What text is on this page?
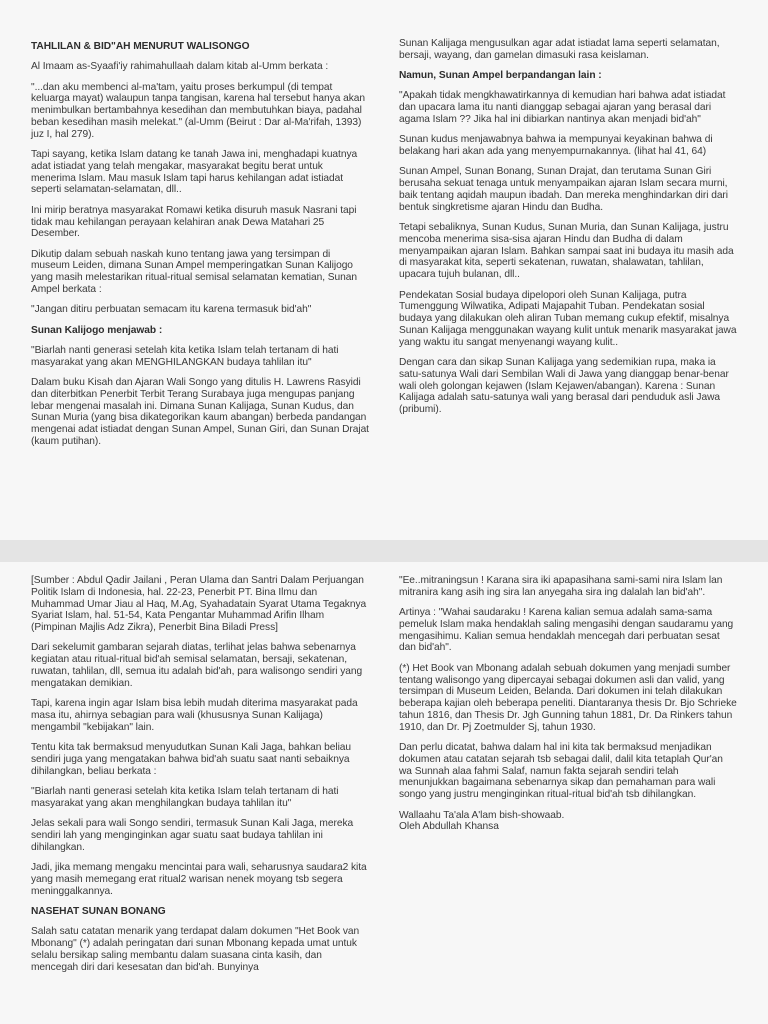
TAHLILAN & BID"AH MENURUT WALISONGO

Al Imaam as-Syaafi'iy rahimahullaah dalam kitab al-Umm berkata :

"...dan aku membenci al-ma'tam, yaitu proses berkumpul (di tempat keluarga mayat) walaupun tanpa tangisan, karena hal tersebut hanya akan menimbulkan bertambahnya kesedihan dan membutuhkan biaya, padahal beban kesedihan masih melekat." (al-Umm (Beirut : Dar al-Ma'rifah, 1393) juz I, hal 279).

Tapi sayang, ketika Islam datang ke tanah Jawa ini, menghadapi kuatnya adat istiadat yang telah mengakar, masyarakat begitu berat untuk menerima Islam. Mau masuk Islam tapi harus kehilangan adat istiadat seperti selamatan-selamatan, dll..

Ini mirip beratnya masyarakat Romawi ketika disuruh masuk Nasrani tapi tidak mau kehilangan perayaan kelahiran anak Dewa Matahari 25 Desember.

Dikutip dalam sebuah naskah kuno tentang jawa yang tersimpan di museum Leiden, dimana Sunan Ampel memperingatkan Sunan Kalijogo yang masih melestarikan ritual-ritual semisal selamatan kematian, Sunan Ampel berkata :

"Jangan ditiru perbuatan semacam itu karena termasuk bid'ah"

Sunan Kalijogo menjawab :

"Biarlah nanti generasi setelah kita ketika Islam telah tertanam di hati masyarakat yang akan MENGHILANGKAN budaya tahlilan itu"

Dalam buku Kisah dan Ajaran Wali Songo yang ditulis H. Lawrens Rasyidi dan diterbitkan Penerbit Terbit Terang Surabaya juga mengupas panjang lebar mengenai masalah ini. Dimana Sunan Kalijaga, Sunan Kudus, dan Sunan Muria (yang bisa dikategorikan kaum abangan) berbeda pandangan mengenai adat istiadat dengan Sunan Ampel, Sunan Giri, dan Sunan Drajat (kaum putihan).

Sunan Kalijaga mengusulkan agar adat istiadat lama seperti selamatan, bersaji, wayang, dan gamelan dimasuki rasa keislaman.

Namun, Sunan Ampel berpandangan lain :

"Apakah tidak mengkhawatirkannya di kemudian hari bahwa adat istiadat dan upacara lama itu nanti dianggap sebagai ajaran yang berasal dari agama Islam ?? Jika hal ini dibiarkan nantinya akan menjadi bid'ah"

Sunan kudus menjawabnya bahwa ia mempunyai keyakinan bahwa di belakang hari akan ada yang menyempurnakannya. (lihat hal 41, 64)

Sunan Ampel, Sunan Bonang, Sunan Drajat, dan terutama Sunan Giri berusaha sekuat tenaga untuk menyampaikan ajaran Islam secara murni, baik tentang aqidah maupun ibadah. Dan mereka menghindarkan diri dari bentuk singkretisme ajaran Hindu dan Budha.

Tetapi sebaliknya, Sunan Kudus, Sunan Muria, dan Sunan Kalijaga, justru mencoba menerima sisa-sisa ajaran Hindu dan Budha di dalam menyampaikan ajaran Islam. Bahkan sampai saat ini budaya itu masih ada di masyarakat kita, seperti sekatenan, ruwatan, shalawatan, tahlilan, upacara tujuh bulanan, dll..

Pendekatan Sosial budaya dipelopori oleh Sunan Kalijaga, putra Tumenggung Wilwatika, Adipati Majapahit Tuban. Pendekatan sosial budaya yang dilakukan oleh aliran Tuban memang cukup efektif, misalnya Sunan Kalijaga menggunakan wayang kulit untuk menarik masyarakat jawa yang waktu itu sangat menyenangi wayang kulit..

Dengan cara dan sikap Sunan Kalijaga yang sedemikian rupa, maka ia satu-satunya Wali dari Sembilan Wali di Jawa yang dianggap benar-benar wali oleh golongan kejawen (Islam Kejawen/abangan). Karena : Sunan Kalijaga adalah satu-satunya wali yang berasal dari penduduk asli Jawa (pribumi).

[Sumber : Abdul Qadir Jailani , Peran Ulama dan Santri Dalam Perjuangan Politik Islam di Indonesia, hal. 22-23, Penerbit PT. Bina Ilmu dan Muhammad Umar Jiau al Haq, M.Ag, Syahadatain Syarat Utama Tegaknya Syariat Islam, hal. 51-54, Kata Pengantar Muhammad Arifin Ilham (Pimpinan Majlis Adz Zikra), Penerbit Bina Biladi Press]

Dari sekelumit gambaran sejarah diatas, terlihat jelas bahwa sebenarnya kegiatan atau ritual-ritual bid'ah semisal selamatan, bersaji, sekatenan, ruwatan, tahlilan, dll, semua itu adalah bid'ah, para walisongo sendiri yang mengatakan demikian.

Tapi, karena ingin agar Islam bisa lebih mudah diterima masyarakat pada masa itu, ahirnya sebagian para wali (khususnya Sunan Kalijaga) mengambil "kebijakan" lain.

Tentu kita tak bermaksud menyudutkan Sunan Kali Jaga, bahkan beliau sendiri juga yang mengatakan bahwa bid'ah suatu saat nanti sebaiknya dihilangkan, beliau berkata :

"Biarlah nanti generasi setelah kita ketika Islam telah tertanam di hati masyarakat yang akan menghilangkan budaya tahlilan itu"

Jelas sekali para wali Songo sendiri, termasuk Sunan Kali Jaga, mereka sendiri lah yang menginginkan agar suatu saat budaya tahlilan ini dihilangkan.

Jadi, jika memang mengaku mencintai para wali, seharusnya saudara2 kita yang masih memegang erat ritual2 warisan nenek moyang tsb segera meninggalkannya.

NASEHAT SUNAN BONANG

Salah satu catatan menarik yang terdapat dalam dokumen "Het Book van Mbonang" (*) adalah peringatan dari sunan Mbonang kepada umat untuk selalu bersikap saling membantu dalam suasana cinta kasih, dan mencegah diri dari kesesatan dan bid'ah. Bunyinya

"Ee..mitraningsun ! Karana sira iki apapasihana sami-sami nira Islam lan mitranira kang asih ing sira lan anyegaha sira ing dalalah lan bid'ah".

Artinya : "Wahai saudaraku ! Karena kalian semua adalah sama-sama pemeluk Islam maka hendaklah saling mengasihi dengan saudaramu yang mengasihimu. Kalian semua hendaklah mencegah dari perbuatan sesat dan bid'ah".

(*) Het Book van Mbonang adalah sebuah dokumen yang menjadi sumber tentang walisongo yang dipercayai sebagai dokumen asli dan valid, yang tersimpan di Museum Leiden, Belanda. Dari dokumen ini telah dilakukan beberapa kajian oleh beberapa peneliti. Diantaranya thesis Dr. Bjo Schrieke tahun 1816, dan Thesis Dr. Jgh Gunning tahun 1881, Dr. Da Rinkers tahun 1910, dan Dr. Pj Zoetmulder Sj, tahun 1930.

Dan perlu dicatat, bahwa dalam hal ini kita tak bermaksud menjadikan dokumen atau catatan sejarah tsb sebagai dalil, dalil kita tetaplah Qur'an wa Sunnah alaa fahmi Salaf, namun fakta sejarah sendiri telah menunjukkan bagaimana sebenarnya sikap dan pemahaman para wali songo yang justru menginginkan ritual-ritual bid'ah tsb dihilangkan.

Wallaahu Ta'ala A'lam bish-showaab.

Oleh Abdullah Khansa
